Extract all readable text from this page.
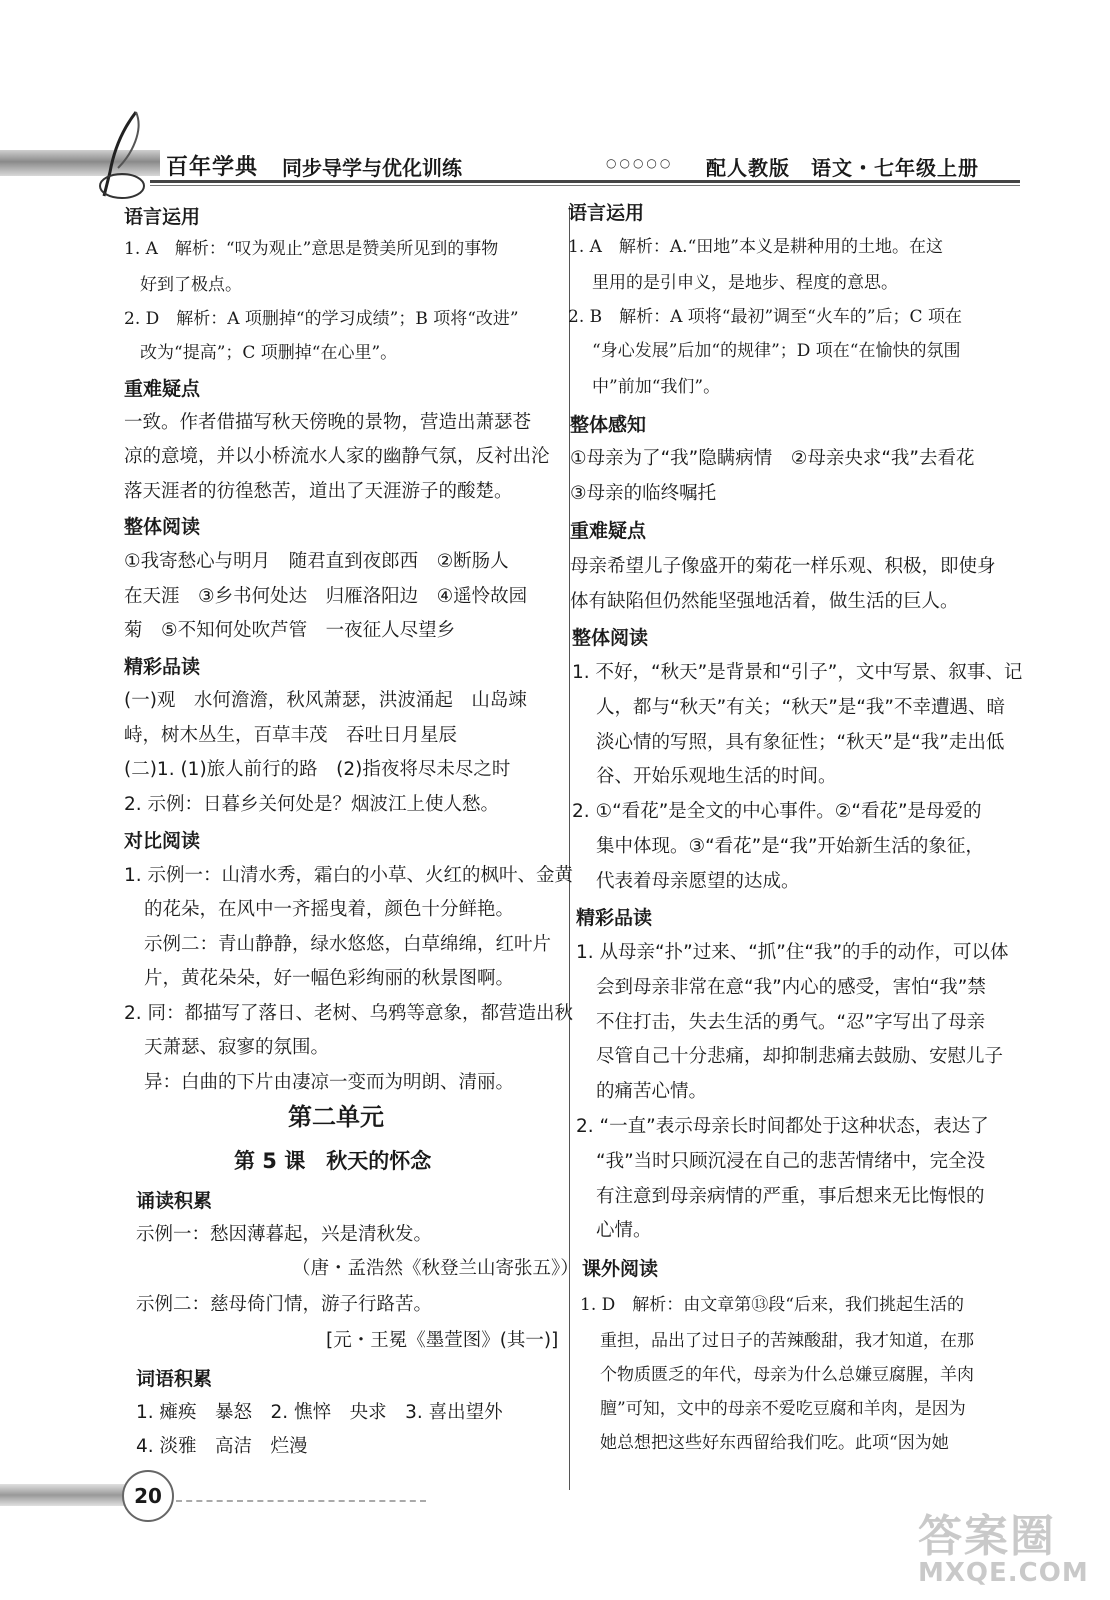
百年学典 同步导学与优化训练	○○○○○ 配人教版　语文・七年级上册
语言运用
1. A　解析：“叹为观止”意思是赞美所见到的事物
好到了极点。
2. D　解析：A 项删掉“的学习成绩”；B 项将“改进”
改为“提高”；C 项删掉“在心里”。
重难疑点
一致。作者借描写秋天傍晚的景物，营造出萧瑟苍
凉的意境，并以小桥流水人家的幽静气氛，反衬出沦
落天涯者的彷徨愁苦，道出了天涯游子的酸楚。
整体阅读
①我寄愁心与明月　随君直到夜郎西　②断肠人
在天涯　③乡书何处达　归雁洛阳边　④遥怜故园
菊　⑤不知何处吹芦管　一夜征人尽望乡
精彩品读
(一)观　水何澹澹，秋风萧瑟，洪波涌起　山岛竦
峙，树木丛生，百草丰茂　吞吐日月星辰
(二)1. (1)旅人前行的路　(2)指夜将尽未尽之时
2. 示例：日暮乡关何处是？烟波江上使人愁。
对比阅读
1. 示例一：山清水秀，霜白的小草、火红的枫叶、金黄
的花朵，在风中一齐摇曳着，颜色十分鲜艳。
示例二：青山静静，绿水悠悠，白草绵绵，红叶片
片，黄花朵朵，好一幅色彩绚丽的秋景图啊。
2. 同：都描写了落日、老树、乌鸦等意象，都营造出秋
天萧瑟、寂寥的氛围。
异：白曲的下片由凄凉一变而为明朗、清丽。
第二单元
第 5 课　秋天的怀念
诵读积累
示例一：愁因薄暮起，兴是清秋发。
（唐・孟浩然《秋登兰山寄张五》）
示例二：慈母倚门情，游子行路苦。
[元・王冕《墨萱图》(其一)]
词语积累
1. 瘫痪　暴怒　2. 憔悴　央求　3. 喜出望外
4. 淡雅　高洁　烂漫
语言运用
1. A　解析：A.“田地”本义是耕种用的土地。在这
里用的是引申义，是地步、程度的意思。
2. B　解析：A 项将“最初”调至“火车的”后；C 项在
“身心发展”后加“的规律”；D 项在“在愉快的氛围
中”前加“我们”。
整体感知
①母亲为了“我”隐瞒病情　②母亲央求“我”去看花
③母亲的临终嘱托
重难疑点
母亲希望儿子像盛开的菊花一样乐观、积极，即使身
体有缺陷但仍然能坚强地活着，做生活的巨人。
整体阅读
1. 不好，“秋天”是背景和“引子”，文中写景、叙事、记
人，都与“秋天”有关；“秋天”是“我”不幸遭遇、暗
淡心情的写照，具有象征性；“秋天”是“我”走出低
谷、开始乐观地生活的时间。
2. ①“看花”是全文的中心事件。②“看花”是母爱的
集中体现。③“看花”是“我”开始新生活的象征，
代表着母亲愿望的达成。
精彩品读
1. 从母亲“扑”过来、“抓”住“我”的手的动作，可以体
会到母亲非常在意“我”内心的感受，害怕“我”禁
不住打击，失去生活的勇气。“忍”字写出了母亲
尽管自己十分悲痛，却抑制悲痛去鼓励、安慰儿子
的痛苦心情。
2. “一直”表示母亲长时间都处于这种状态，表达了
“我”当时只顾沉浸在自己的悲苦情绪中，完全没
有注意到母亲病情的严重，事后想来无比悔恨的
心情。
课外阅读
1. D　解析：由文章第⑬段“后来，我们挑起生活的
重担，品出了过日子的苦辣酸甜，我才知道，在那
个物质匮乏的年代，母亲为什么总嫌豆腐腥，羊肉
膻”可知，文中的母亲不爱吃豆腐和羊肉，是因为
她总想把这些好东西留给我们吃。此项“因为她
20
答案圈
MXQE.COM
